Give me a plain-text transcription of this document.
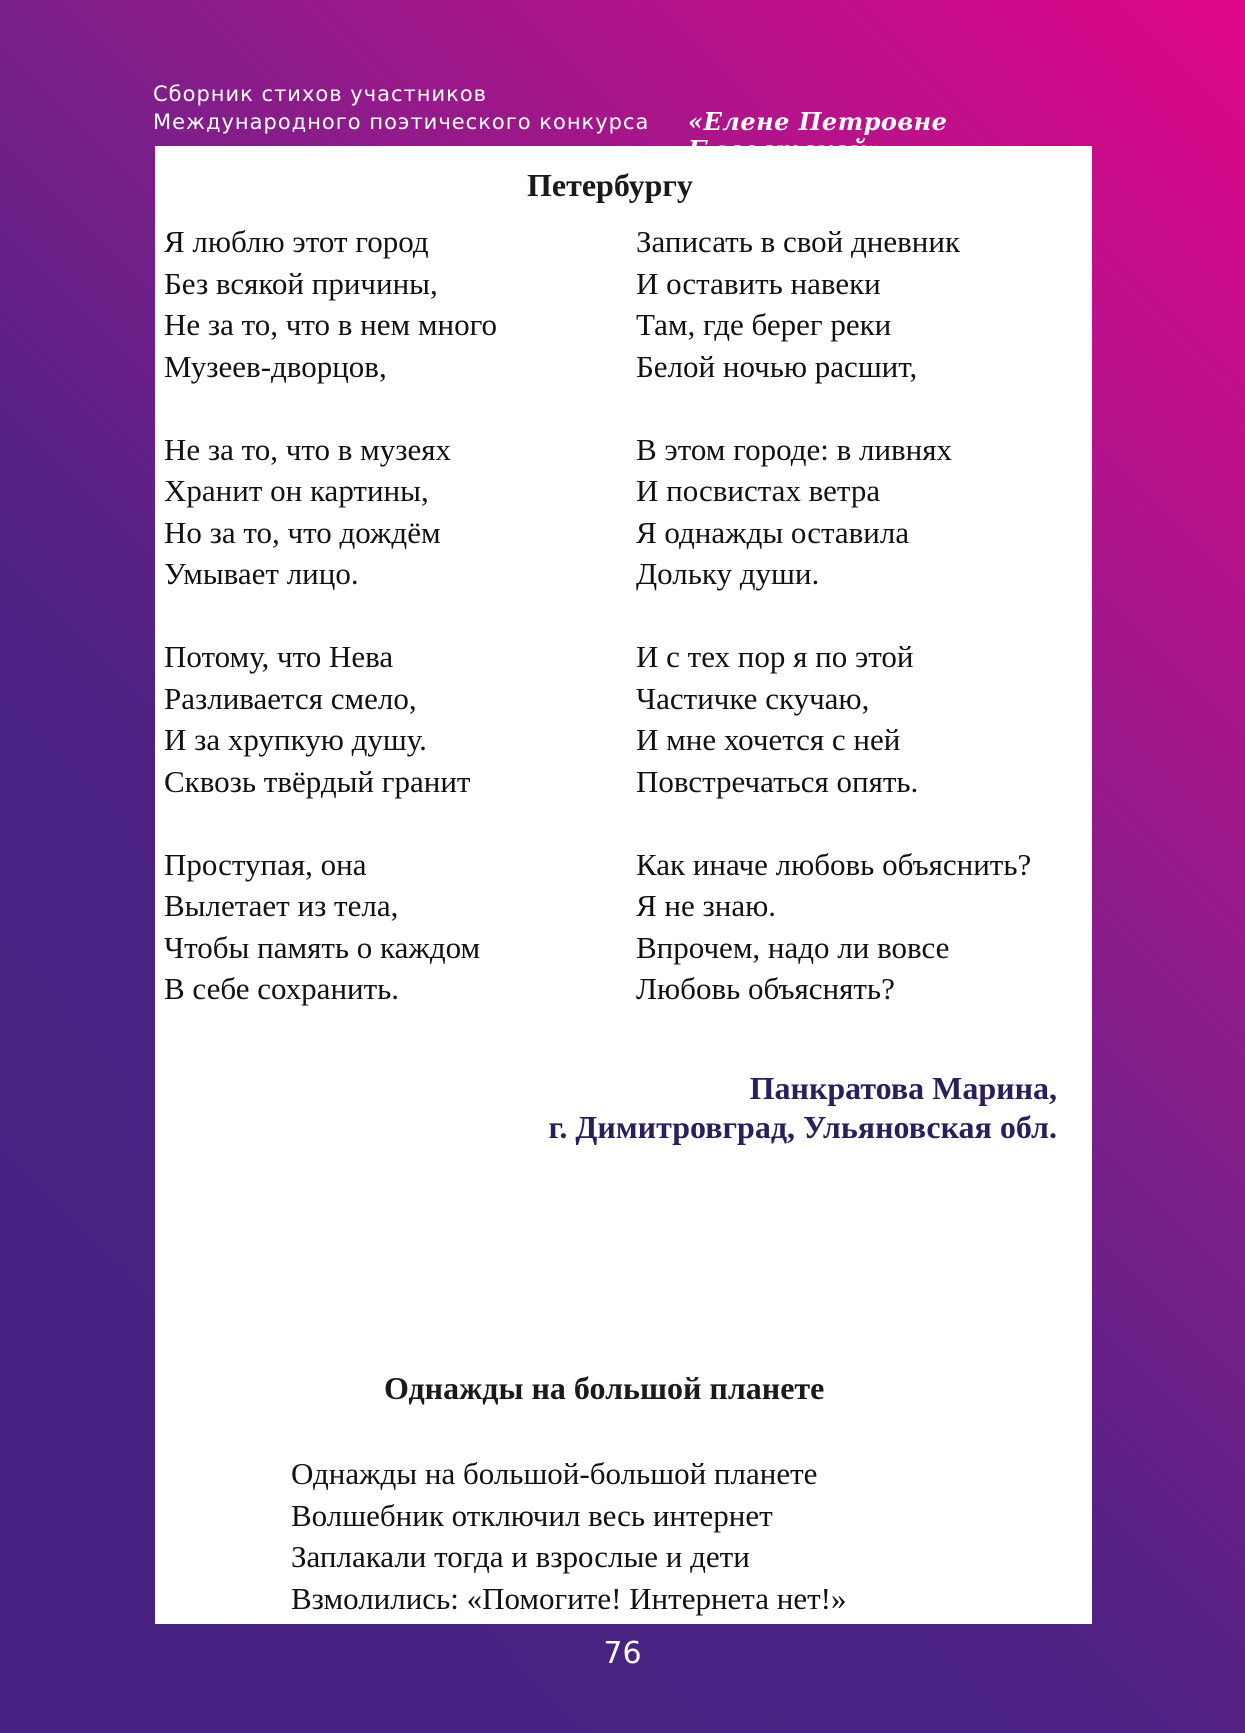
Сборник стихов участников
Международного поэтического конкурса	«Елене Петровне
Петербургу
Я люблю этот город
Без всякой причины,
Не за то, что в нем много
Музеев-дворцов,
Не за то, что в музеях
Хранит он картины,
Но за то, что дождём
Умывает лицо.
Потому, что Нева
Разливается смело,
И за хрупкую душу.
Сквозь твёрдый гранит
Проступая, она
Вылетает из тела,
Чтобы память о каждом
В себе сохранить.
Записать в свой дневник
И оставить навеки
Там, где берег реки
Белой ночью расшит,
В этом городе: в ливнях
И посвистах ветра
Я однажды оставила
Дольку души.
И с тех пор я по этой
Частичке скучаю,
И мне хочется с ней
Повстречаться опять.
Как иначе любовь объяснить?
Я не знаю.
Впрочем, надо ли вовсе
Любовь объяснять?
Панкратова Марина,
г. Димитровград, Ульяновская обл.
Однажды на большой планете
Однажды на большой-большой планете
Волшебник отключил весь интернет
Заплакали тогда и взрослые и дети
Взмолились: «Помогите! Интернета нет!»
76
